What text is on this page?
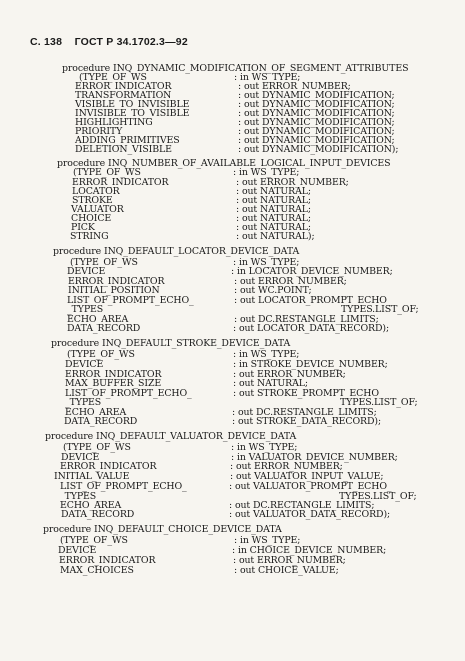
С. 138 ГОСТ Р 34.1702.3—92
procedure INQ_DYNAMIC_MODIFICATION_OF_SEGMENT_ATTRIBUTES
(TYPE_OF_WS	: in WS_TYPE;
ERROR_INDICATOR	: out ERROR_NUMBER;
TRANSFORMATION	: out DYNAMIC_MODIFICATION;
VISIBLE_TO_INVISIBLE	: out DYNAMIC_MODIFICATION;
INVISIBLE_TO_VISIBLE	: out DYNAMIC_MODIFICATION;
HIGHLIGHTING	: out DYNAMIC_MODIFICATION;
PRIORITY	: out DYNAMIC_MODIFICATION;
ADDING_PRIMITIVES	: out DYNAMIC_MODIFICATION;
DELETION_VISIBLE	: out DYNAMIC_MODIFICATION);
procedure INQ_NUMBER_OF_AVAILABLE_LOGICAL_INPUT_DEVICES
(TYPE_OF_WS	: in WS_TYPE;
ERROR_INDICATOR	: out ERROR_NUMBER;
LOCATOR	: out NATURAL;
STROKE	: out NATURAL;
VALUATOR	: out NATURAL;
CHOICE	: out NATURAL;
PICK	: out NATURAL;
STRING	: out NATURAL);
procedure INQ_DEFAULT_LOCATOR_DEVICE_DATA
(TYPE_OF_WS	: in WS_TYPE;
DEVICE	: in LOCATOR_DEVICE_NUMBER;
ERROR_INDICATOR	: out ERROR_NUMBER;
INITIAL_POSITION	: out WC.POINT;
LIST_OF_PROMPT_ECHO_	: out LOCATOR_PROMPT_ECHO_
_TYPES	TYPES.LIST_OF;
ECHO_AREA	: out DC.RESTANGLE_LIMITS;
DATA_RECORD	: out LOCATOR_DATA_RECORD);
procedure INQ_DEFAULT_STROKE_DEVICE_DATA
(TYPE_OF_WS	: in WS_TYPE;
DEVICE	: in STROKE_DEVICE_NUMBER;
ERROR_INDICATOR	: out ERROR_NUMBER;
MAX_BUFFER_SIZE	: out NATURAL;
LIST_OF_PROMPT_ECHO_	: out STROKE_PROMPT_ECHO_
_TYPES	TYPES.LIST_OF;
ECHO_AREA	: out DC.RESTANGLE_LIMITS;
DATA_RECORD	: out STROKE_DATA_RECORD);
procedure INQ_DEFAULT_VALUATOR_DEVICE_DATA
(TYPE_OF_WS	: in WS_TYPE;
DEVICE	: in VALUATOR_DEVICE_NUMBER;
ERROR_INDICATOR	: out ERROR_NUMBER;
INITIAL_VALUE	: out VALUATOR_INPUT_VALUE;
LIST_OF_PROMPT_ECHO_	: out VALUATOR_PROMPT_ECHO_
_TYPES_	TYPES.LIST_OF;
ECHO_AREA	: out DC.RECTANGLE_LIMITS;
DATA_RECORD	: out VALUATOR_DATA_RECORD);
procedure INQ_DEFAULT_CHOICE_DEVICE_DATA
(TYPE_OF_WS	: in WS_TYPE;
DEVICE	: in CHOICE_DEVICE_NUMBER;
ERROR_INDICATOR	: out ERROR_NUMBER;
MAX_CHOICES	: out CHOICE_VALUE;
